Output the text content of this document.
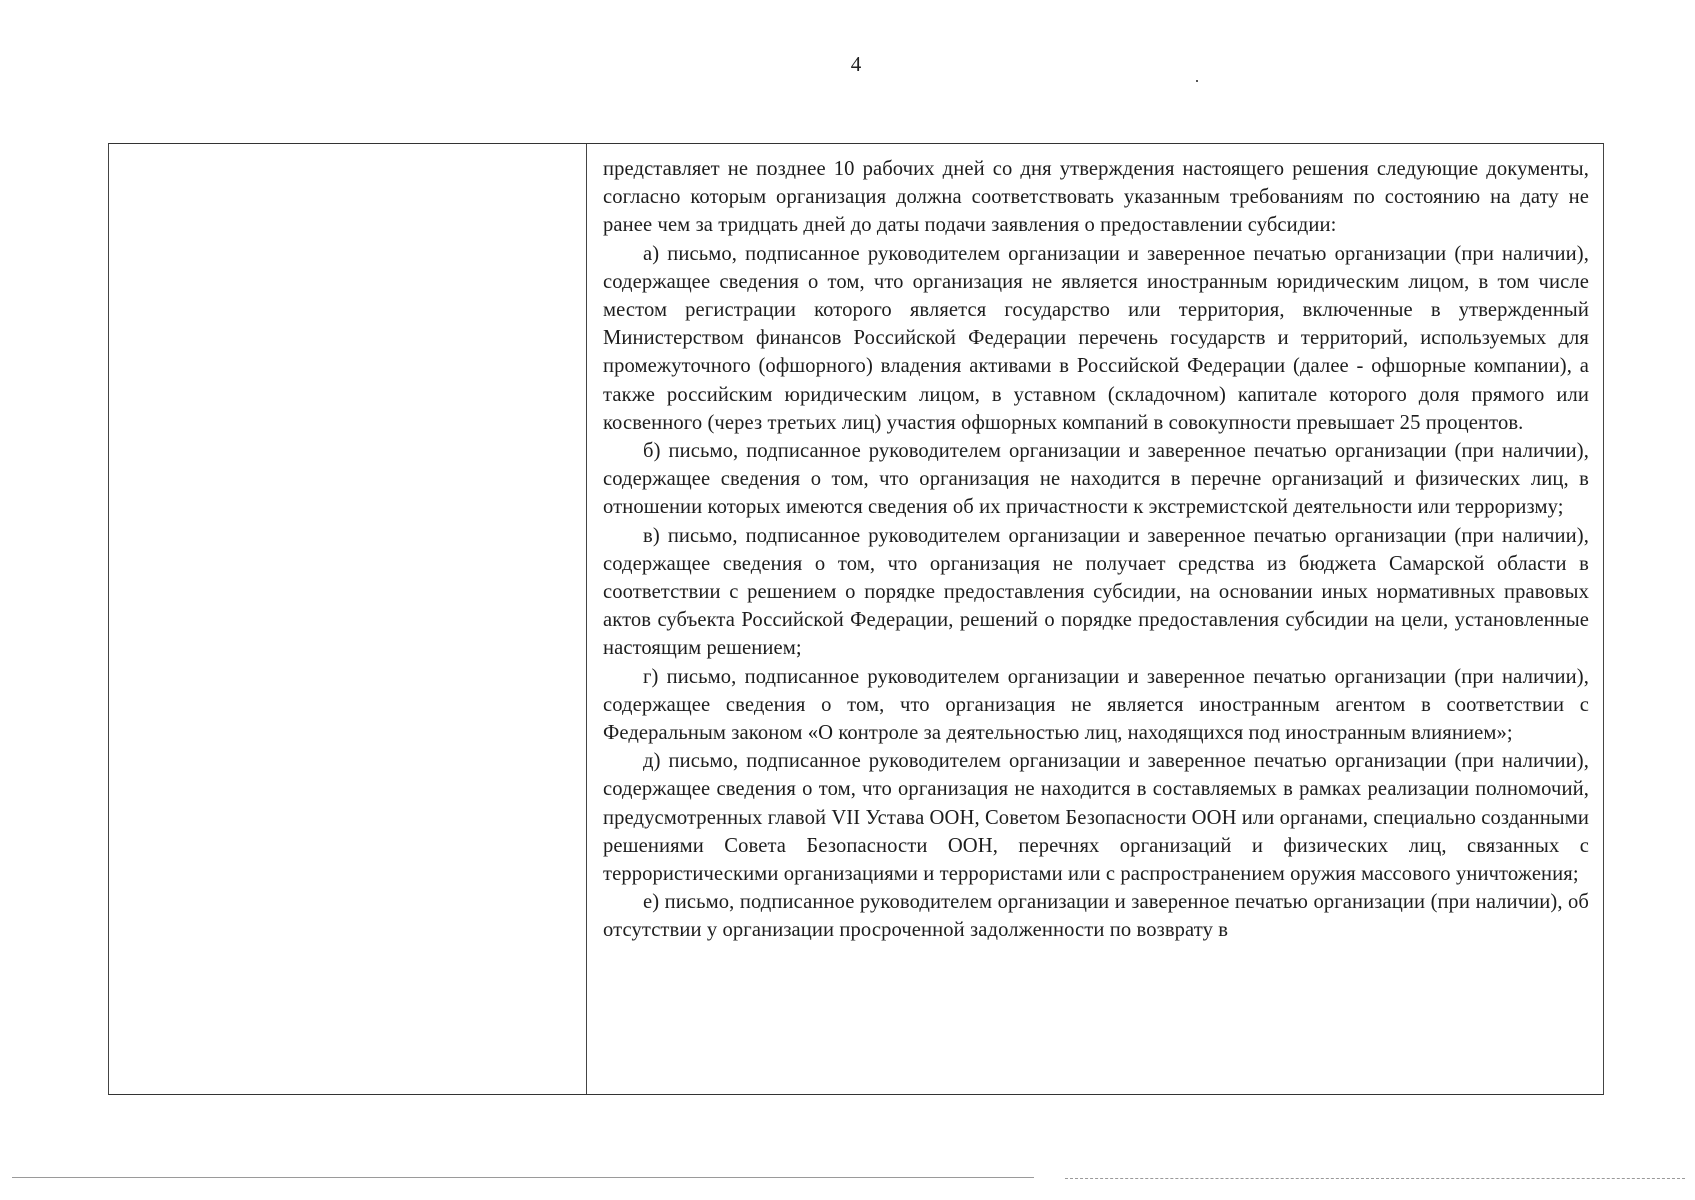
4

представляет не позднее 10 рабочих дней со дня утверждения настоящего решения следующие документы, согласно которым организация должна соответствовать указанным требованиям по состоянию на дату не ранее чем за тридцать дней до даты подачи заявления о предоставлении субсидии:

а) письмо, подписанное руководителем организации и заверенное печатью организации (при наличии), содержащее сведения о том, что организация не является иностранным юридическим лицом, в том числе местом регистрации которого является государство или территория, включенные в утвержденный Министерством финансов Российской Федерации перечень государств и территорий, используемых для промежуточного (офшорного) владения активами в Российской Федерации (далее - офшорные компании), а также российским юридическим лицом, в уставном (складочном) капитале которого доля прямого или косвенного (через третьих лиц) участия офшорных компаний в совокупности превышает 25 процентов.

б) письмо, подписанное руководителем организации и заверенное печатью организации (при наличии), содержащее сведения о том, что организация не находится в перечне организаций и физических лиц, в отношении которых имеются сведения об их причастности к экстремистской деятельности или терроризму;

в) письмо, подписанное руководителем организации и заверенное печатью организации (при наличии), содержащее сведения о том, что организация не получает средства из бюджета Самарской области в соответствии с решением о порядке предоставления субсидии, на основании иных нормативных правовых актов субъекта Российской Федерации, решений о порядке предоставления субсидии на цели, установленные настоящим решением;

г) письмо, подписанное руководителем организации и заверенное печатью организации (при наличии), содержащее сведения о том, что организация не является иностранным агентом в соответствии с Федеральным законом «О контроле за деятельностью лиц, находящихся под иностранным влиянием»;

д) письмо, подписанное руководителем организации и заверенное печатью организации (при наличии), содержащее сведения о том, что организация не находится в составляемых в рамках реализации полномочий, предусмотренных главой VII Устава ООН, Советом Безопасности ООН или органами, специально созданными решениями Совета Безопасности ООН, перечнях организаций и физических лиц, связанных с террористическими организациями и террористами или с распространением оружия массового уничтожения;

е) письмо, подписанное руководителем организации и заверенное печатью организации (при наличии), об отсутствии у организации просроченной задолженности по возврату в
